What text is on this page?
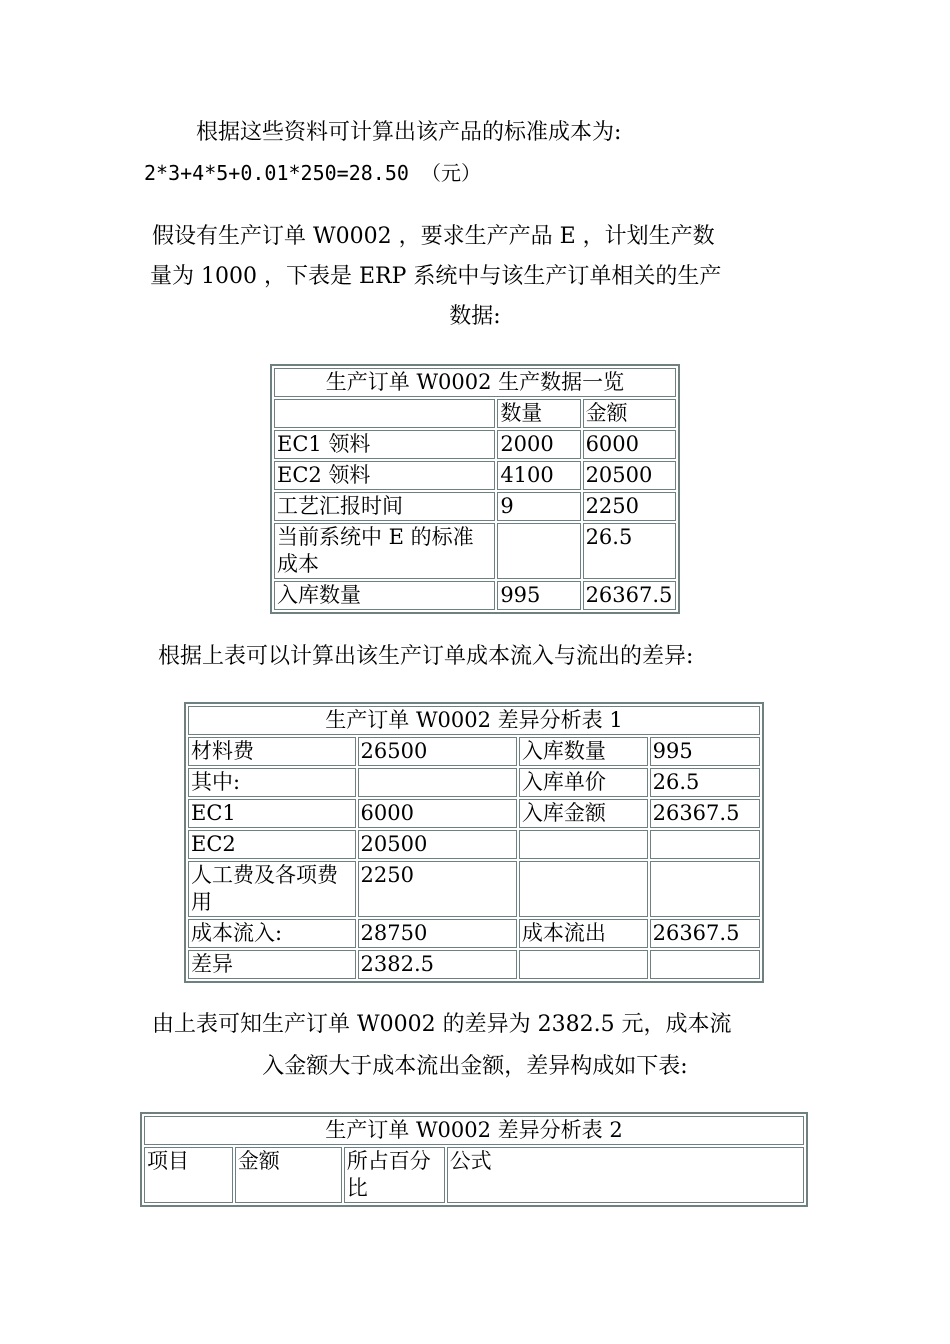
根据这些资料可计算出该产品的标准成本为:
2*3+4*5+0.01*250=28.50 （元）
假设有生产订单 W0002 ，要求生产产品 E ，计划生产数
量为 1000 ，下表是 ERP 系统中与该生产订单相关的生产
数据:
生产订单 W0002 生产数据一览		
	数量	金额
EC1 领料	2000	6000
EC2 领料	4100	20500
工艺汇报时间	9	2250
当前系统中 E 的标准成本		26.5
入库数量	995	26367.5
根据上表可以计算出该生产订单成本流入与流出的差异:
生产订单 W0002 差异分析表 1			
材料费	26500	入库数量	995
其中:		入库单价	26.5
EC1	6000	入库金额	26367.5
EC2	20500		
人工费及各项费用	2250		
成本流入:	28750	成本流出	26367.5
差异	2382.5		
由上表可知生产订单 W0002 的差异为 2382.5 元，成本流
入金额大于成本流出金额，差异构成如下表:
生产订单 W0002 差异分析表 2
项目	金额	所占百分比	公式
